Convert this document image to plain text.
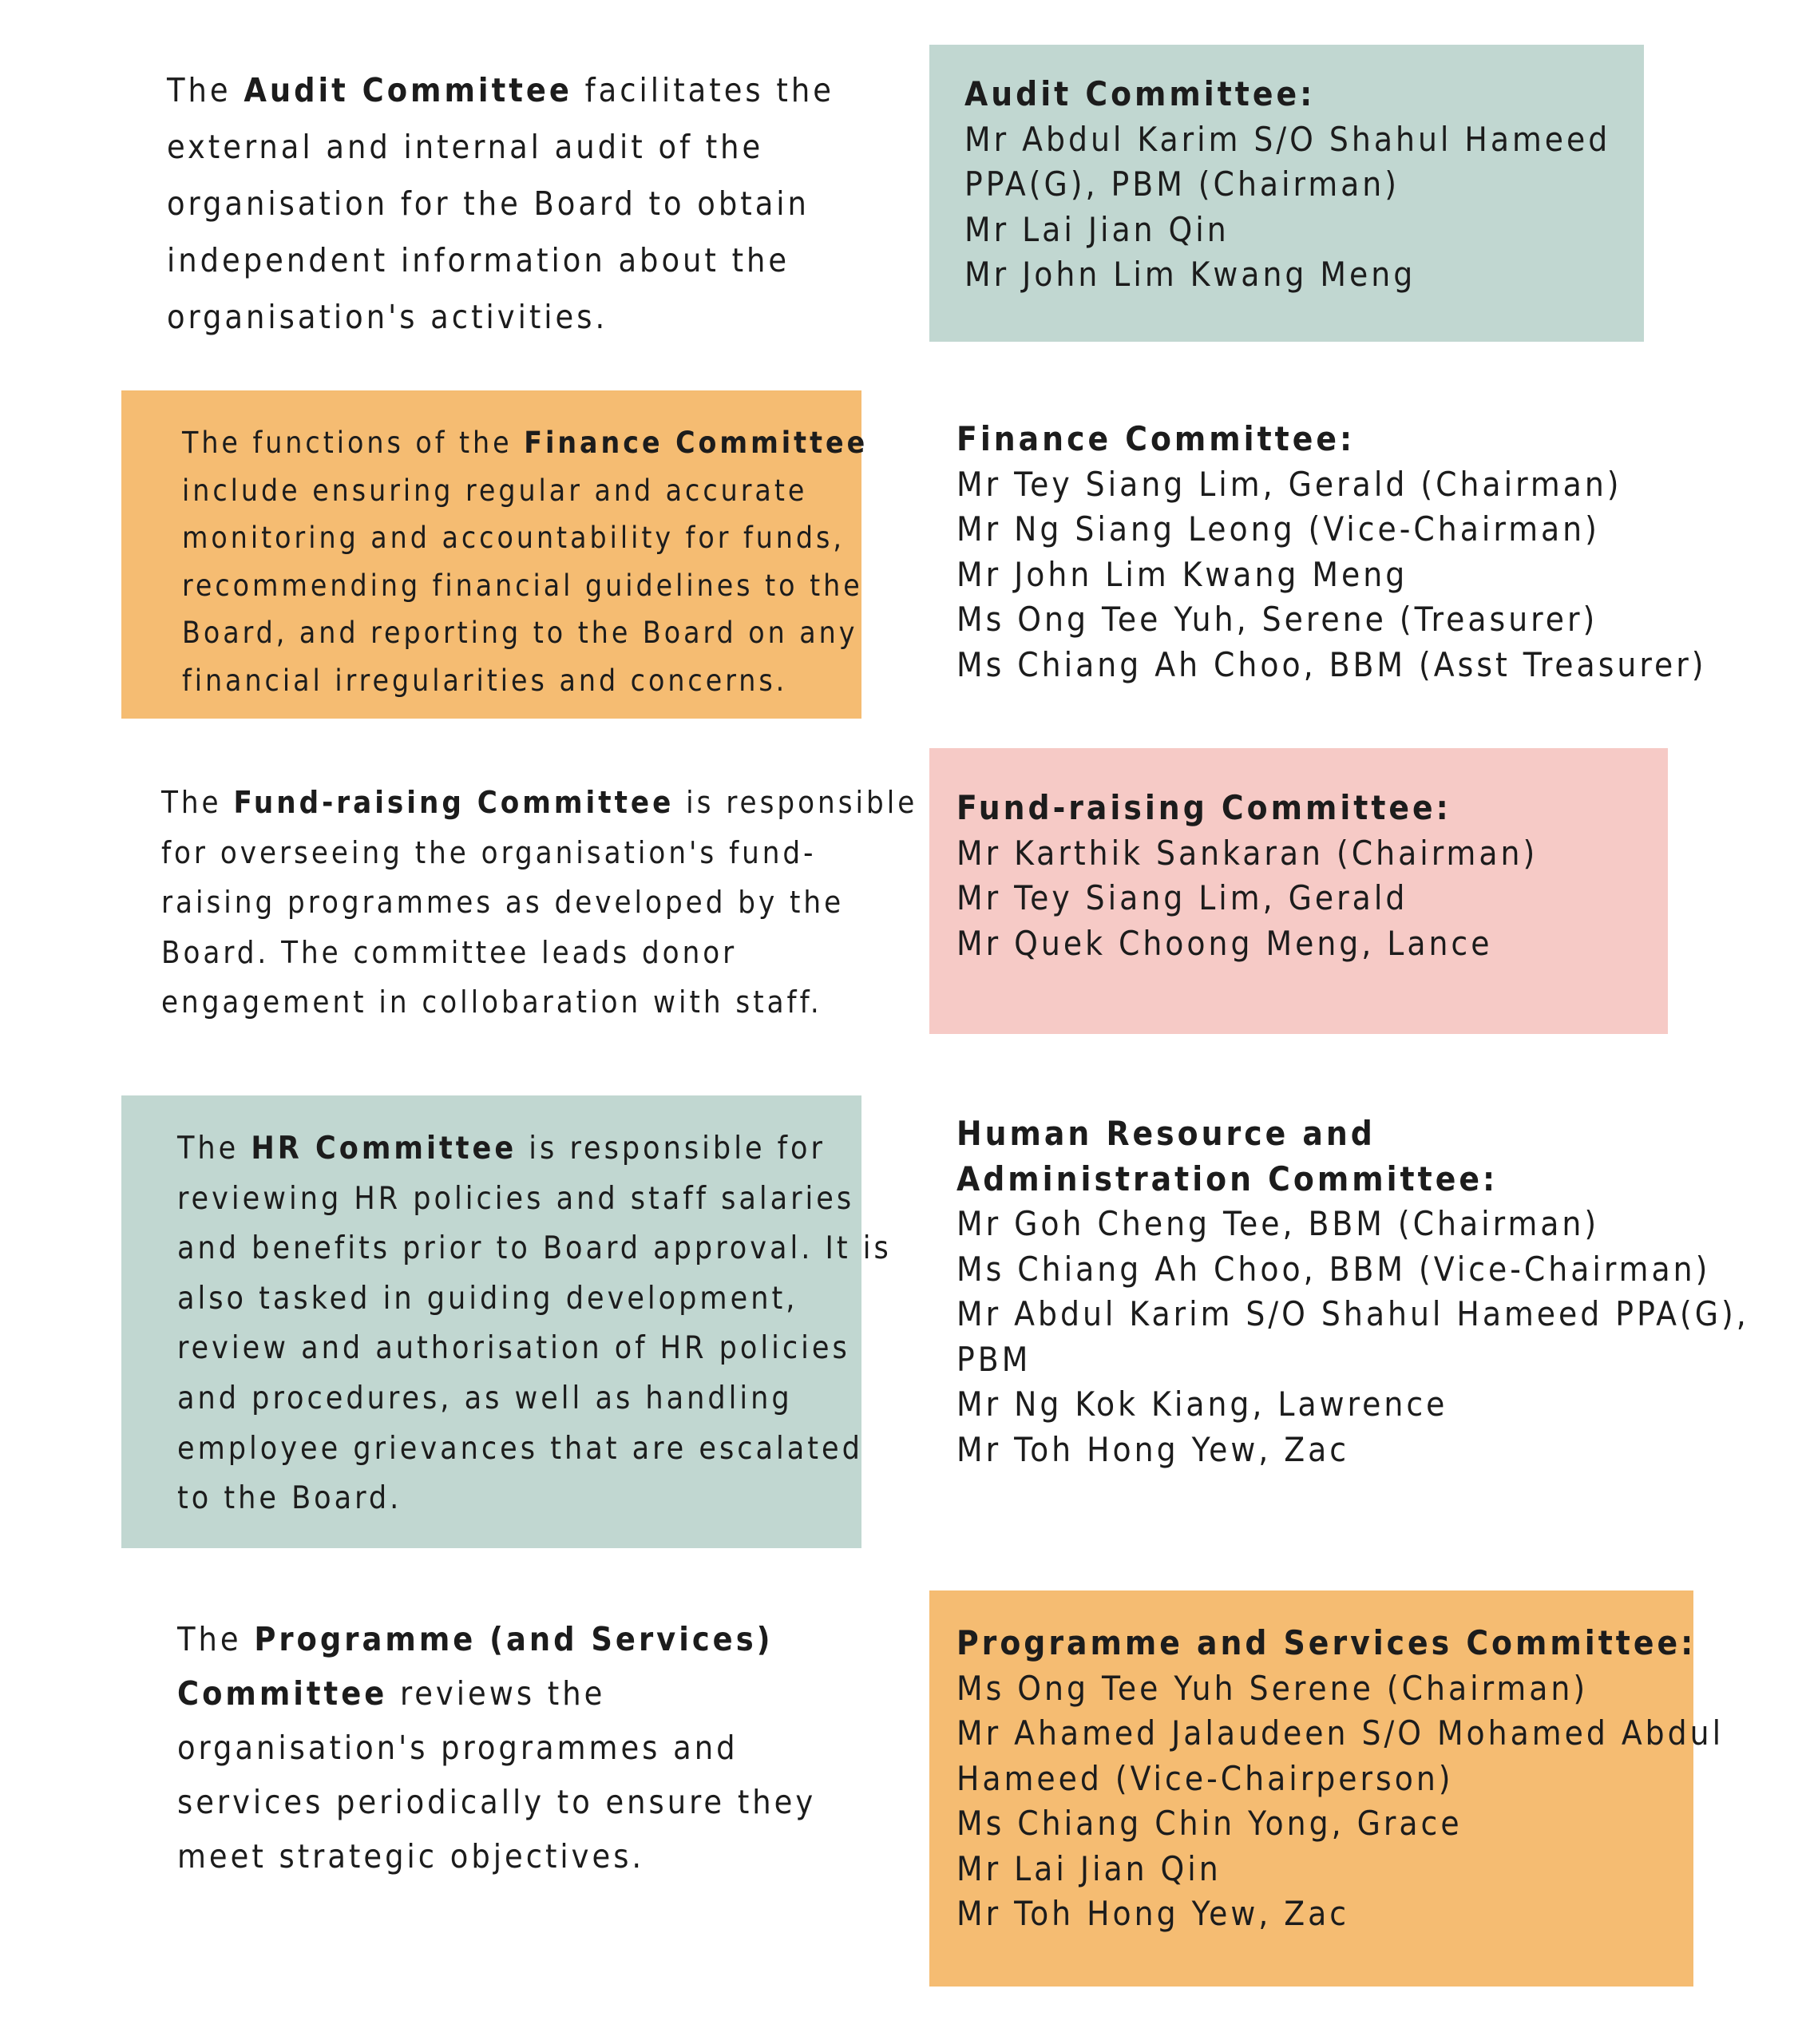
The Audit Committee facilitates the
external and internal audit of the
organisation for the Board to obtain
independent information about the
organisation's activities.
Audit Committee:
Mr Abdul Karim S/O Shahul Hameed
PPA(G), PBM (Chairman)
Mr Lai Jian Qin
Mr John Lim Kwang Meng
The functions of the Finance Committee
include ensuring regular and accurate
monitoring and accountability for funds,
recommending financial guidelines to the
Board, and reporting to the Board on any
financial irregularities and concerns.
Finance Committee:
Mr Tey Siang Lim, Gerald (Chairman)
Mr Ng Siang Leong (Vice-Chairman)
Mr John Lim Kwang Meng
Ms Ong Tee Yuh, Serene (Treasurer)
Ms Chiang Ah Choo, BBM (Asst Treasurer)
The Fund-raising Committee is responsible
for overseeing the organisation's fund-
raising programmes as developed by the
Board. The committee leads donor
engagement in collobaration with staff.
Fund-raising Committee:
Mr Karthik Sankaran (Chairman)
Mr Tey Siang Lim, Gerald
Mr Quek Choong Meng, Lance
The HR Committee is responsible for
reviewing HR policies and staff salaries
and benefits prior to Board approval. It is
also tasked in guiding development,
review and authorisation of HR policies
and procedures, as well as handling
employee grievances that are escalated
to the Board.
Human Resource and
Administration Committee:
Mr Goh Cheng Tee, BBM (Chairman)
Ms Chiang Ah Choo, BBM (Vice-Chairman)
Mr Abdul Karim S/O Shahul Hameed PPA(G),
PBM
Mr Ng Kok Kiang, Lawrence
Mr Toh Hong Yew, Zac
The Programme (and Services)
Committee reviews the
organisation's programmes and
services periodically to ensure they
meet strategic objectives.
Programme and Services Committee:
Ms Ong Tee Yuh Serene (Chairman)
Mr Ahamed Jalaudeen S/O Mohamed Abdul
Hameed (Vice-Chairperson)
Ms Chiang Chin Yong, Grace
Mr Lai Jian Qin
Mr Toh Hong Yew, Zac
